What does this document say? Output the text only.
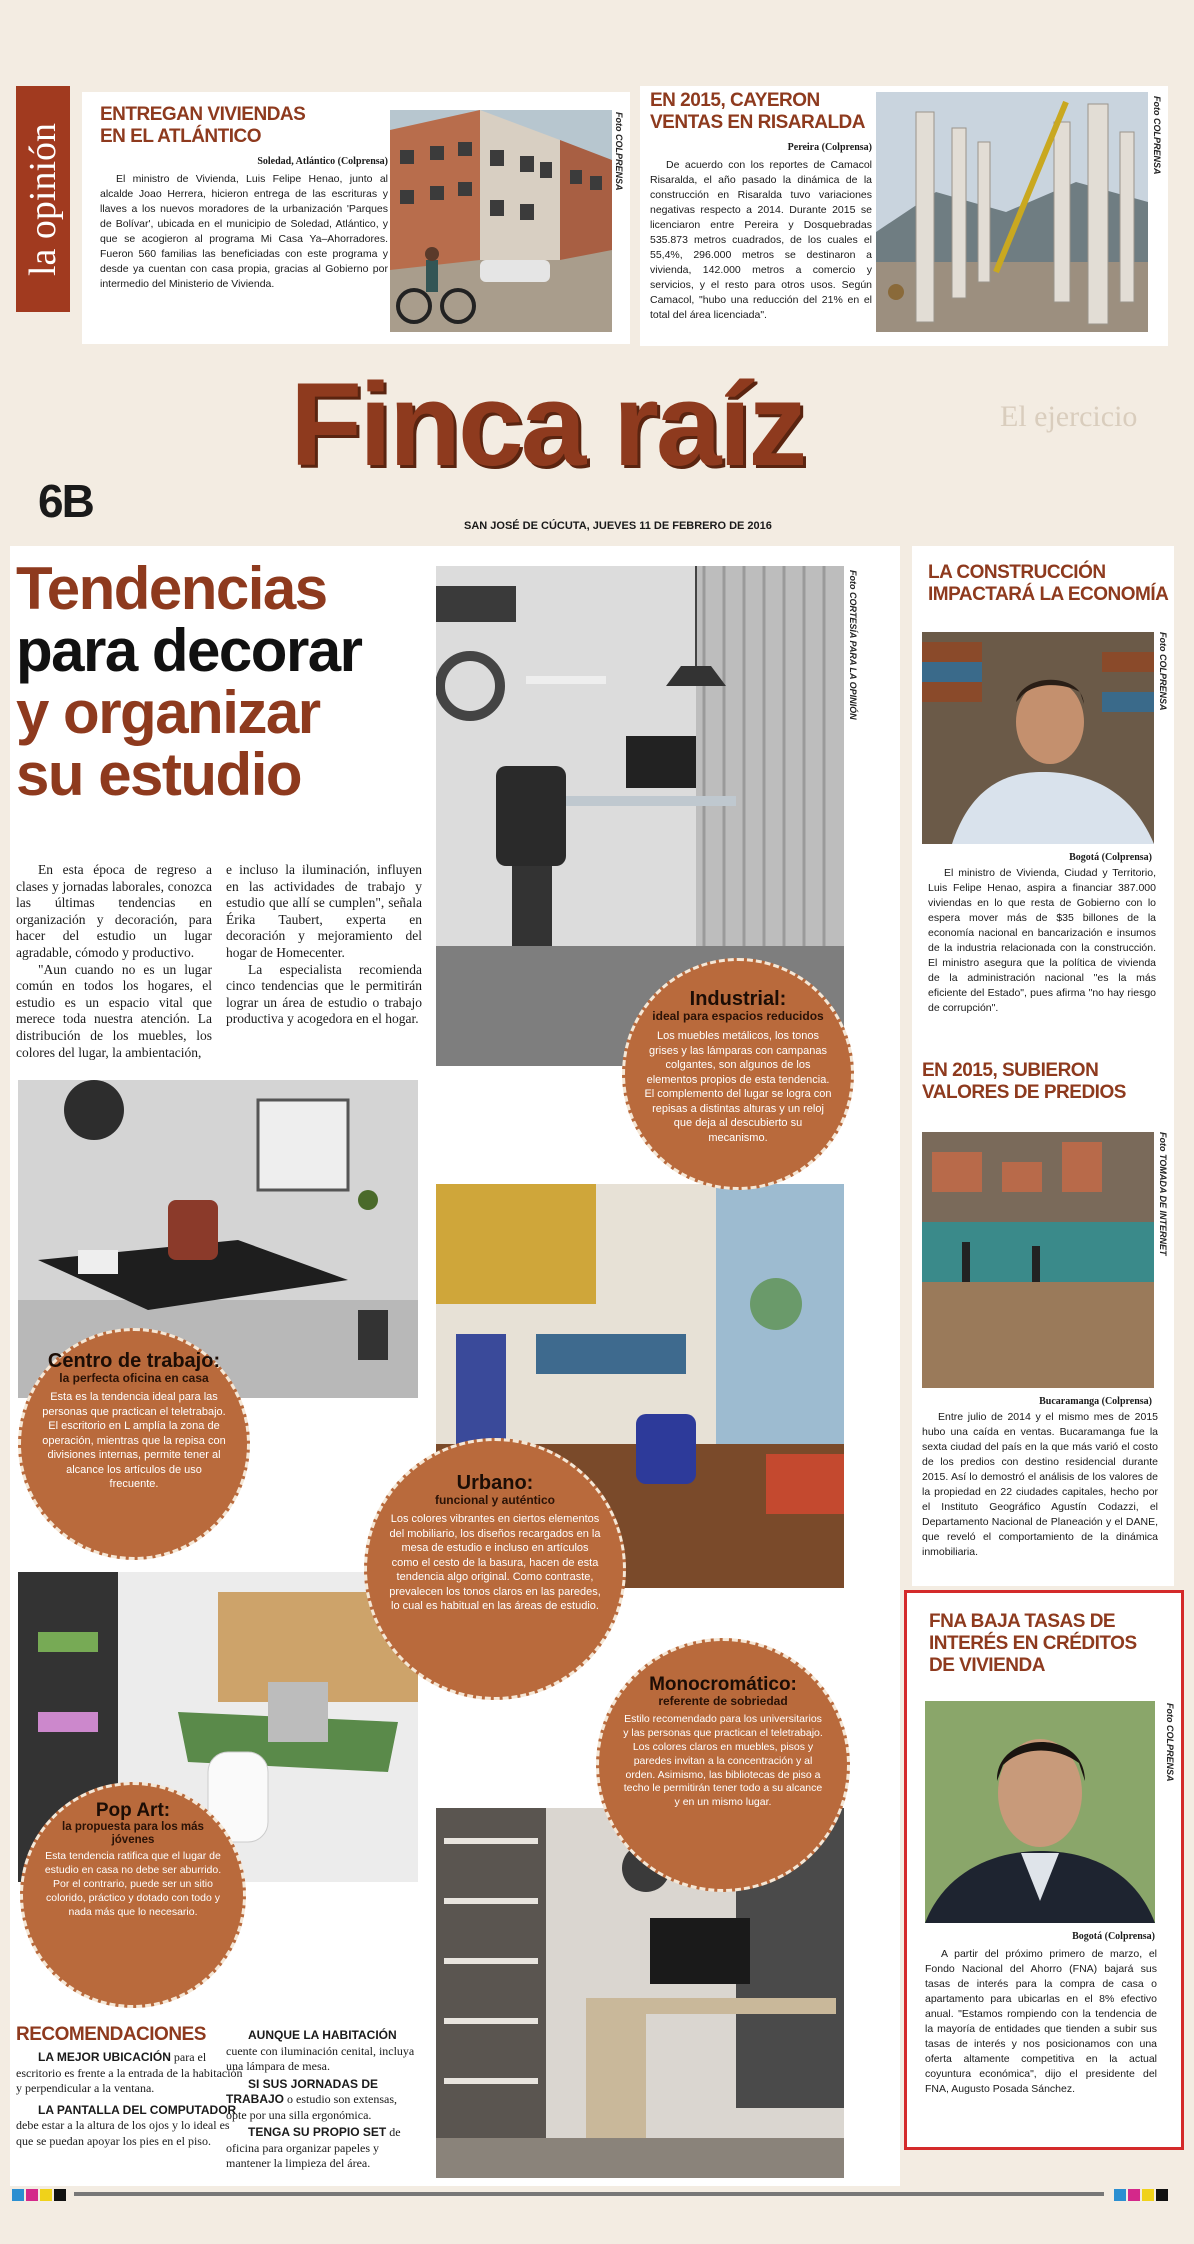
El ejercicio
la opinión
ENTREGAN VIVIENDAS
EN EL ATLÁNTICO
Soledad, Atlántico (Colprensa)
El ministro de Vivienda, Luis Felipe Henao, junto al alcalde Joao Herrera, hicieron entrega de las escrituras y llaves a los nuevos moradores de la urbanización 'Parques de Bolívar', ubicada en el municipio de Soledad, Atlántico, y que se acogieron al programa Mi Casa Ya–Ahorradores. Fueron 560 familias las beneficiadas con este programa y desde ya cuentan con casa propia, gracias al Gobierno por intermedio del Ministerio de Vivienda.
Foto COLPRENSA
EN 2015, CAYERON
VENTAS EN RISARALDA
Pereira (Colprensa)
De acuerdo con los reportes de Camacol Risaralda, el año pasado la dinámica de la construcción en Risaralda tuvo variaciones negativas respecto a 2014. Durante 2015 se licenciaron entre Pereira y Dosquebradas 535.873 metros cuadrados, de los cuales el 55,4%, 296.000 metros se destinaron a vivienda, 142.000 metros a comercio y servicios, y el resto para otros usos. Según Camacol, "hubo una reducción del 21% en el total del área licenciada".
Foto COLPRENSA
Finca raíz
6B	SAN JOSÉ DE CÚCUTA, JUEVES 11 DE FEBRERO DE 2016
Tendencias
para decorar
y organizar
su estudio
En esta época de regreso a clases y jornadas laborales, conozca las últimas tendencias en organización y decoración, para hacer del estudio un lugar agradable, cómodo y productivo.
"Aun cuando no es un lugar común en todos los hogares, el estudio es un espacio vital que merece toda nuestra atención. La distribución de los muebles, los colores del lugar, la ambientación,
e incluso la iluminación, influyen en las actividades de trabajo y estudio que allí se cumplen", señala Érika Taubert, experta en decoración y mejoramiento del hogar de Homecenter.
La especialista recomienda cinco tendencias que le permitirán lograr un área de estudio o trabajo productiva y acogedora en el hogar.
Foto CORTESÍA PARA LA OPINIÓN
Industrial:
ideal para espacios reducidos
Los muebles metálicos, los tonos grises y las lámparas con campanas colgantes, son algunos de los elementos propios de esta tendencia. El complemento del lugar se logra con repisas a distintas alturas y un reloj que deja al descubierto su mecanismo.
Centro de trabajo:
la perfecta oficina en casa
Esta es la tendencia ideal para las personas que practican el teletrabajo. El escritorio en L amplía la zona de operación, mientras que la repisa con divisiones internas, permite tener al alcance los artículos de uso frecuente.	Urbano:
funcional y auténtico
Los colores vibrantes en ciertos elementos del mobiliario, los diseños recargados en la mesa de estudio e incluso en artículos como el cesto de la basura, hacen de esta tendencia algo original. Como contraste, prevalecen los tonos claros en las paredes, lo cual es habitual en las áreas de estudio.
Monocromático:
referente de sobriedad
Estilo recomendado para los universitarios y las personas que practican el teletrabajo. Los colores claros en muebles, pisos y paredes invitan a la concentración y al orden. Asimismo, las bibliotecas de piso a techo le permitirán tener todo a su alcance y en un mismo lugar.
Pop Art:
la propuesta para los más jóvenes
Esta tendencia ratifica que el lugar de estudio en casa no debe ser aburrido. Por el contrario, puede ser un sitio colorido, práctico y dotado con todo y nada más que lo necesario.
RECOMENDACIONES
LA MEJOR UBICACIÓN para el escritorio es frente a la entrada de la habitación y perpendicular a la ventana.
LA PANTALLA DEL COMPUTADOR debe estar a la altura de los ojos y lo ideal es que se puedan apoyar los pies en el piso.
AUNQUE LA HABITACIÓN cuente con iluminación cenital, incluya una lámpara de mesa.
SI SUS JORNADAS DE TRABAJO o estudio son extensas, opte por una silla ergonómica.
TENGA SU PROPIO SET de oficina para organizar papeles y mantener la limpieza del área.
LA CONSTRUCCIÓN
IMPACTARÁ LA ECONOMÍA
Foto COLPRENSA
Bogotá (Colprensa)
El ministro de Vivienda, Ciudad y Territorio, Luis Felipe Henao, aspira a financiar 387.000 viviendas en lo que resta de Gobierno con lo espera mover más de $35 billones de la economía nacional en bancarización e insumos de la industria relacionada con la construcción. El ministro asegura que la política de vivienda de la administración nacional "es la más eficiente del Estado", pues afirma "no hay riesgo de corrupción".
EN 2015, SUBIERON
VALORES DE PREDIOS
Foto TOMADA DE INTERNET
Bucaramanga (Colprensa)
Entre julio de 2014 y el mismo mes de 2015 hubo una caída en ventas. Bucaramanga fue la sexta ciudad del país en la que más varió el costo de los predios con destino residencial durante 2015. Así lo demostró el análisis de los valores de la propiedad en 22 ciudades capitales, hecho por el Instituto Geográfico Agustín Codazzi, el Departamento Nacional de Planeación y el DANE, que reveló el comportamiento de la dinámica inmobiliaria.
FNA BAJA TASAS DE
INTERÉS EN CRÉDITOS
DE VIVIENDA
Foto COLPRENSA
Bogotá (Colprensa)
A partir del próximo primero de marzo, el Fondo Nacional del Ahorro (FNA) bajará sus tasas de interés para la compra de casa o apartamento para ubicarlas en el 8% efectivo anual. "Estamos rompiendo con la tendencia de la mayoría de entidades que tienden a subir sus tasas de interés y nos posicionamos con una oferta altamente competitiva en la actual coyuntura económica", dijo el presidente del FNA, Augusto Posada Sánchez.
